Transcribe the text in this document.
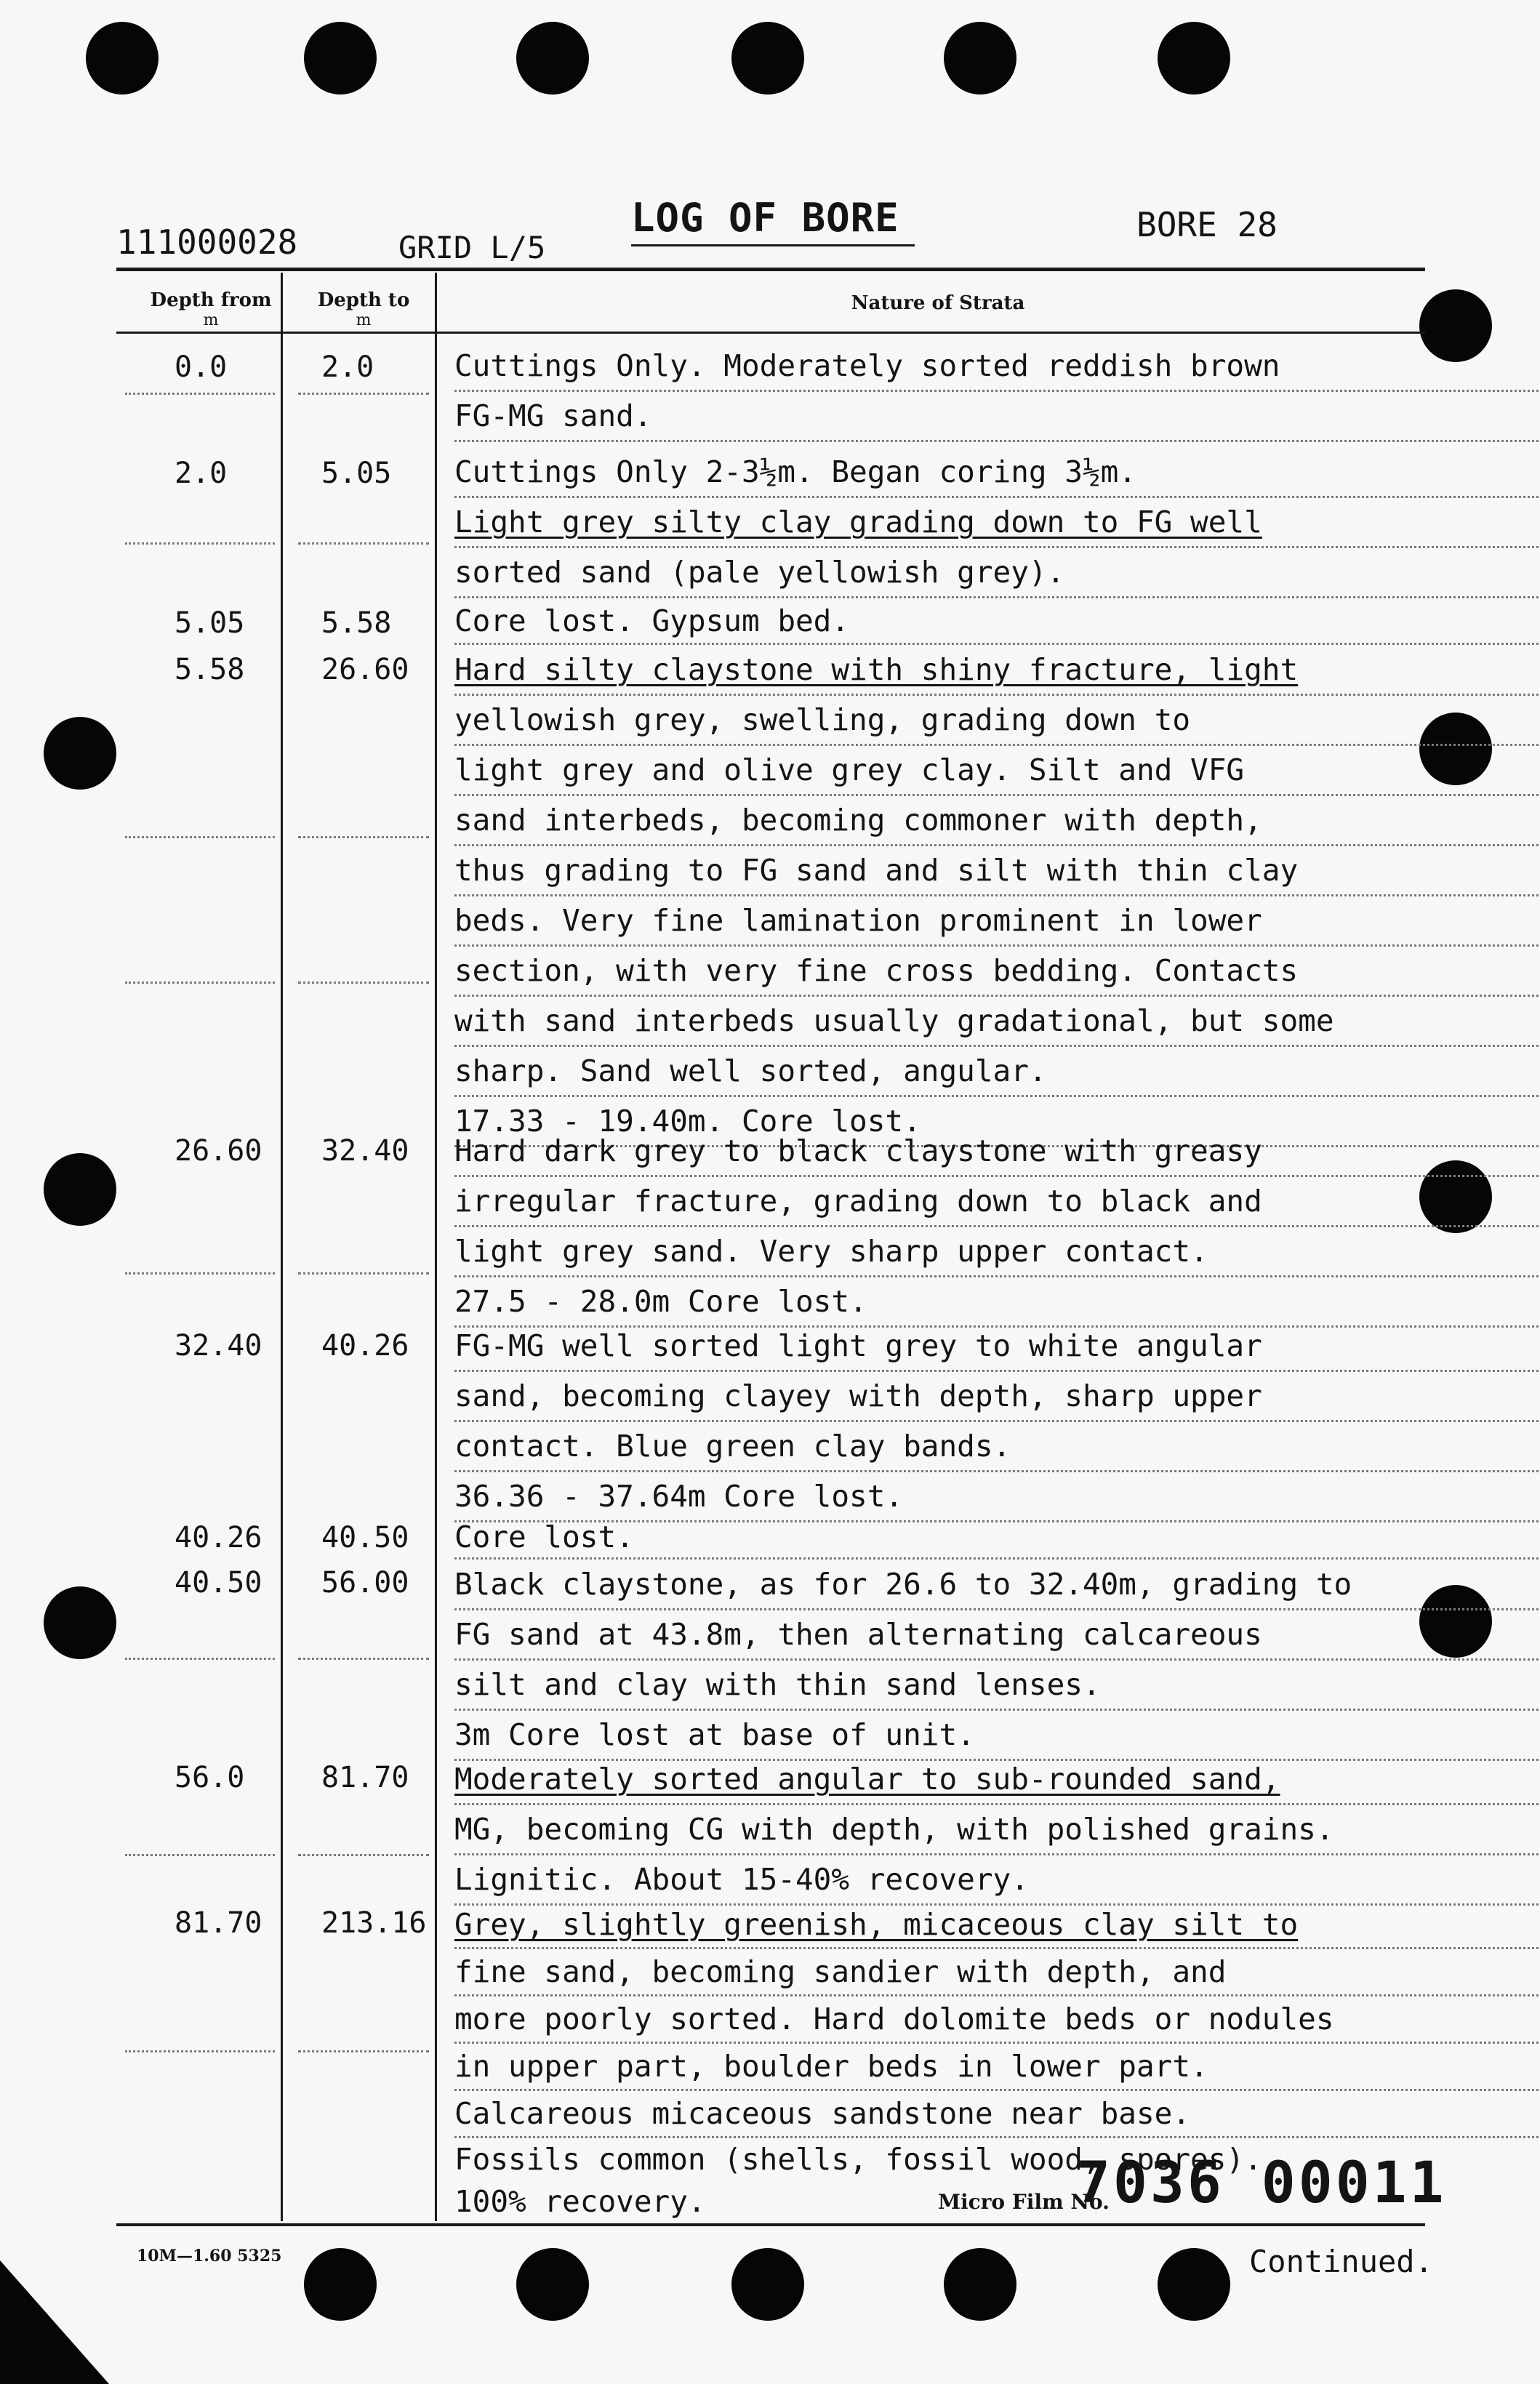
111000028	GRID L/5
LOG OF BORE	BORE 28
Depth from
m
Depth to
m
Nature of Strata
0.0	2.0	Cuttings Only. Moderately sorted reddish brown
FG-MG sand.
2.0	5.05 Cuttings Only 2-3½m. Began coring 3½m.
Light grey silty clay grading down to FG well
sorted sand (pale yellowish grey).
5.05	5.58 Core lost. Gypsum bed.
5.58	26.60 Hard silty claystone with shiny fracture, light
yellowish grey, swelling, grading down to
light grey and olive grey clay. Silt and VFG
sand interbeds, becoming commoner with depth,
thus grading to FG sand and silt with thin clay
beds. Very fine lamination prominent in lower
section, with very fine cross bedding. Contacts
with sand interbeds usually gradational, but some
sharp. Sand well sorted, angular.
17.33 - 19.40m. Core lost.
26.60 32.40 Hard dark grey to black claystone with greasy
irregular fracture, grading down to black and
light grey sand. Very sharp upper contact.
27.5 - 28.0m Core lost.
32.40 40.26 FG-MG well sorted light grey to white angular
sand, becoming clayey with depth, sharp upper
contact. Blue green clay bands.
36.36 - 37.64m Core lost.
40.26 40.50 Core lost.
40.50 56.00 Black claystone, as for 26.6 to 32.40m, grading to
FG sand at 43.8m, then alternating calcareous
silt and clay with thin sand lenses.
3m Core lost at base of unit.
56.0	81.70 Moderately sorted angular to sub-rounded sand,
MG, becoming CG with depth, with polished grains.
Lignitic. About 15-40% recovery.
81.70 213.16 Grey, slightly greenish, micaceous clay silt to
fine sand, becoming sandier with depth, and
more poorly sorted. Hard dolomite beds or nodules
in upper part, boulder beds in lower part.
Calcareous micaceous sandstone near base.
Fossils common (shells, fossil wood, spores).
100% recovery.
10M—1.60 5325
Micro Film No.
7036 00011
Continued.
